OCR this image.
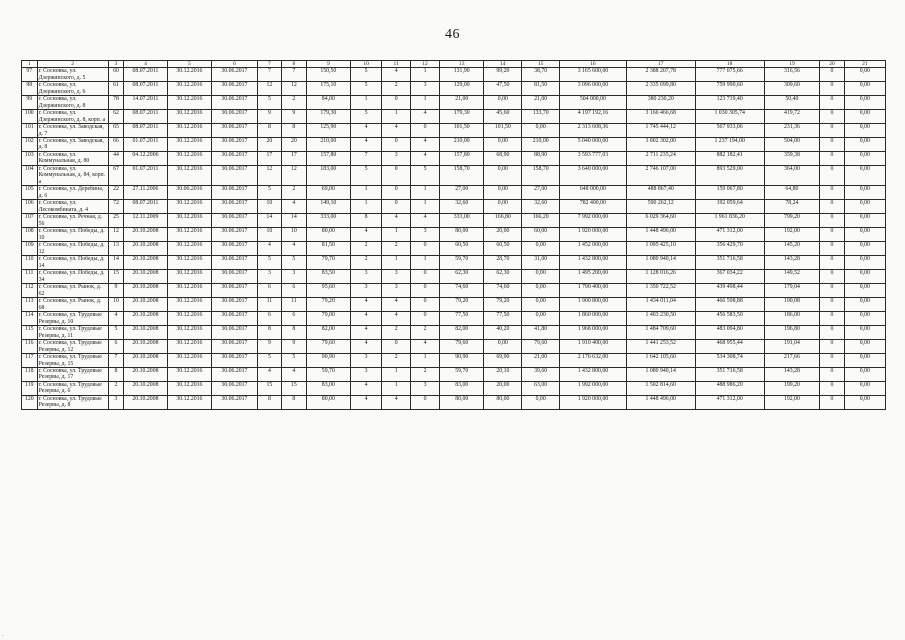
46
1	2	3	4	5	6	7	8	9	10	11	12	13	14	15	16	17	18	19	20	21
97	г. Сосновка, ул. Дзержинского, д. 5	60	08.07.2011	30.12.2016	30.06.2017	7	7	150,50	5	4	1	131,90	99,20	38,70	3 165 600,00	2 388 207,78	777 075,66	316,56	0	0,00
98	г. Сосновка, ул. Дзержинского, д. 6	61	08.07.2011	30.12.2016	30.06.2017	12	12	175,10	5	2	3	129,00	47,50	81,50	3 096 000,00	2 335 699,80	759 990,60	309,60	0	0,00
99	г. Сосновка, ул. Дзержинского, д. 8	78	14.07.2011	30.12.2016	30.06.2017	5	2	84,00	1	0	1	21,00	0,00	21,00	504 000,00	380 230,20	123 719,40	50,40	0	0,00
100	г. Сосновка, ул. Дзержинского, д. 8, корп. а	62	08.07.2011	30.12.2016	30.06.2017	9	9	179,30	5	1	4	179,30	45,60	133,70	4 197 192,16	3 166 466,68	1 030 305,74	419,72	0	0,00
101	г. Сосновка, ул. Заводская, д. 7	65	08.07.2011	30.12.2016	30.06.2017	8	8	125,90	4	4	0	101,50	101,50	0,00	2 313 608,36	1 745 444,12	567 933,06	231,36	0	0,00
102	г. Сосновка, ул. Заводская, д. 8	66	01.07.2011	30.12.2016	30.06.2017	20	20	210,00	4	0	4	210,00	0,00	210,00	5 040 000,00	3 802 302,00	1 237 194,00	504,00	0	0,00
103	г. Сосновка, ул. Коммунальная, д. 80	44	04.12.2006	30.12.2016	30.06.2017	17	17	157,80	7	3	4	157,80	68,90	88,90	3 593 777,03	2 711 235,24	882 182,41	359,38	0	0,00
104	г. Сосновка, ул. Коммунальная, д. 84, корп. а	67	01.07.2011	30.12.2016	30.06.2017	12	12	183,00	5	0	5	158,70	0,00	158,70	3 640 000,00	2 746 107,00	893 529,00	364,00	0	0,00
105	г. Сосновка, ул. Деребина, д. 6	22	27.11.2006	30.06.2016	30.06.2017	5	2	69,00	1	0	1	27,00	0,00	27,00	648 000,00	488 867,40	159 067,80	64,80	0	0,00
106	г. Сосновка, ул. Лесокомбината, д. 4	72	08.07.2011	30.12.2016	30.06.2017	10	4	149,10	1	0	1	32,60	0,00	32,60	782 400,00	590 262,12	192 059,64	78,24	0	0,00
107	г. Сосновка, ул. Речная, д. 56	25	12.11.2009	30.12.2016	30.06.2017	14	14	333,00	8	4	4	333,00	166,80	166,20	7 992 000,00	6 029 364,60	1 961 836,20	799,20	0	0,00
108	г. Сосновка, ул. Победы, д. 10	12	20.10.2008	30.12.2016	30.06.2017	10	10	80,00	4	1	3	80,00	20,00	60,00	1 920 000,00	1 448 496,00	471 312,00	192,00	0	0,00
109	г. Сосновка, ул. Победы, д. 12	13	20.10.2008	30.12.2016	30.06.2017	4	4	81,50	2	2	0	60,50	60,50	0,00	1 452 000,00	1 095 425,10	356 429,70	145,20	0	0,00
110	г. Сосновка, ул. Победы, д. 14	14	20.10.2008	30.12.2016	30.06.2017	5	5	79,70	2	1	1	59,70	28,70	31,00	1 432 800,00	1 080 940,14	351 716,58	143,28	0	0,00
111	г. Сосновка, ул. Победы, д. 34	15	20.10.2008	30.12.2016	30.06.2017	3	3	83,50	3	3	0	62,30	62,30	0,00	1 495 200,00	1 128 016,26	367 034,22	149,52	0	0,00
112	г. Сосновка, ул. Рынок, д. 62	9	20.10.2008	30.12.2016	30.06.2017	6	6	95,60	3	3	0	74,60	74,60	0,00	1 790 400,00	1 350 722,52	439 498,44	179,04	0	0,00
113	г. Сосновка, ул. Рынок, д. 68	10	20.10.2008	30.12.2016	30.06.2017	11	11	79,20	4	4	0	79,20	79,20	0,00	1 900 800,00	1 434 011,04	466 598,88	190,08	0	0,00
114	г. Сосновка, ул. Трудовые Резервы, д. 10	4	20.10.2008	30.12.2016	30.06.2017	6	6	79,00	4	4	0	77,50	77,50	0,00	1 860 000,00	1 403 230,50	456 583,50	186,00	0	0,00
115	г. Сосновка, ул. Трудовые Резервы, д. 11	5	20.10.2008	30.12.2016	30.06.2017	8	8	82,00	4	2	2	82,00	40,20	41,80	1 968 000,00	1 484 709,60	483 094,80	196,80	0	0,00
116	г. Сосновка, ул. Трудовые Резервы, д. 12	6	20.10.2008	30.12.2016	30.06.2017	9	9	79,60	4	0	4	79,60	0,00	79,60	1 910 400,00	1 441 253,52	468 955,44	191,04	0	0,00
117	г. Сосновка, ул. Трудовые Резервы, д. 15	7	20.10.2008	30.12.2016	30.06.2017	5	5	90,90	3	2	1	90,90	69,90	21,00	2 176 632,00	1 642 105,60	534 308,74	217,66	0	0,00
118	г. Сосновка, ул. Трудовые Резервы, д. 17	8	20.10.2008	30.12.2016	30.06.2017	4	4	59,70	3	1	2	59,70	20,10	39,60	1 432 800,00	1 080 940,14	351 716,58	143,28	0	0,00
119	г. Сосновка, ул. Трудовые Резервы, д. 6	2	20.10.2008	30.12.2016	30.06.2017	15	15	83,00	4	1	3	83,00	20,00	63,00	1 992 000,00	1 502 814,60	488 986,20	199,20	0	0,00
120	г. Сосновка, ул. Трудовые Резервы, д. 8	3	20.10.2008	30.12.2016	30.06.2017	8	8	80,00	4	4	0	80,00	80,00	0,00	1 920 000,00	1 448 496,00	471 312,00	192,00	0	0,00
.
